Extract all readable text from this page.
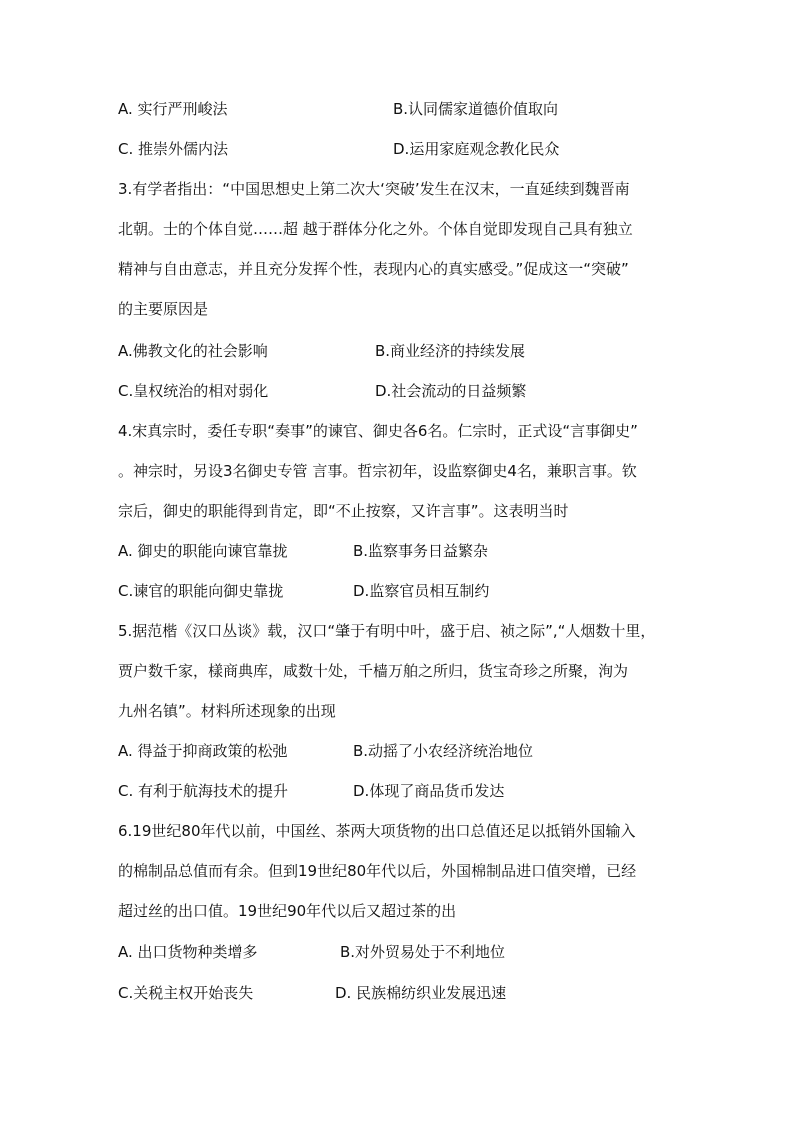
A. 实行严刑峻法	B.认同儒家道德价值取向
C. 推崇外儒内法	D.运用家庭观念教化民众
3.有学者指出：“中国思想史上第二次大‘突破’发生在汉末，一直延续到魏晋南
北朝。士的个体自觉……超 越于群体分化之外。个体自觉即发现自己具有独立
精神与自由意志，并且充分发挥个性，表现内心的真实感受。”促成这一“突破”
的主要原因是
A.佛教文化的社会影响	B.商业经济的持续发展
C.皇权统治的相对弱化	D.社会流动的日益频繁
4.宋真宗时，委任专职“奏事”的谏官、御史各6名。仁宗时，正式设“言事御史”
。神宗时，另设3名御史专管 言事。哲宗初年，设监察御史4名，兼职言事。钦
宗后，御史的职能得到肯定，即“不止按察，又许言事”。这表明当时
A. 御史的职能向谏官靠拢	B.监察事务日益繁杂
C.谏官的职能向御史靠拢	D.监察官员相互制约
5.据范楷《汉口丛谈》载，汉口“肇于有明中叶，盛于启、祯之际”,“人烟数十里，
贾户数千家，樣商典库，咸数十处，千樯万舶之所归，货宝奇珍之所聚，洵为
九州名镇”。材料所述现象的出现
A. 得益于抑商政策的松弛	B.动摇了小农经济统治地位
C. 有利于航海技术的提升	D.体现了商品货币发达
6.19世纪80年代以前，中国丝、茶两大项货物的出口总值还足以抵销外国输入
的棉制品总值而有余。但到19世纪80年代以后，外国棉制品进口值突增，已经
超过丝的出口值。19世纪90年代以后又超过茶的出
A. 出口货物种类增多	B.对外贸易处于不利地位
C.关税主权开始丧失	D. 民族棉纺织业发展迅速
